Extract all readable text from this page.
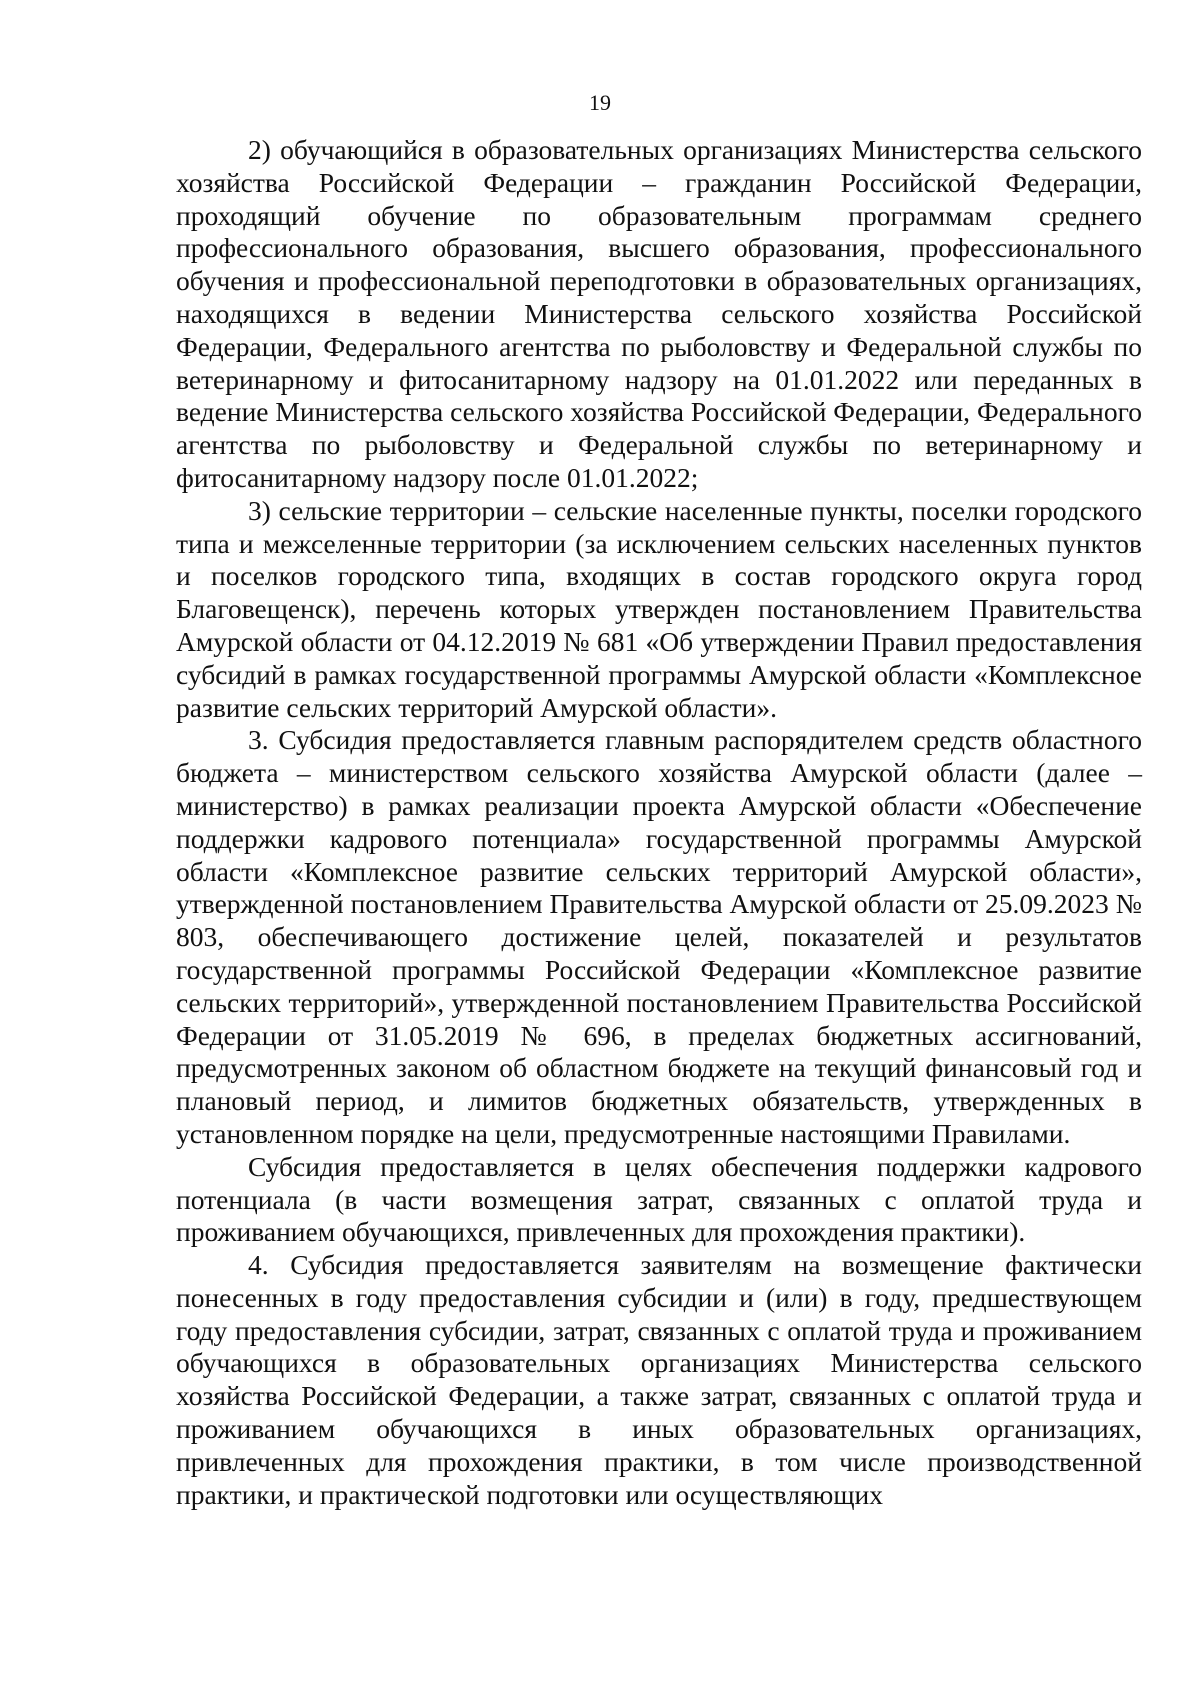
19

2) обучающийся в образовательных организациях Министерства сельского хозяйства Российской Федерации – гражданин Российской Федерации, проходящий обучение по образовательным программам среднего профессионального образования, высшего образования, профессионального обучения и профессиональной переподготовки в образовательных организациях, находящихся в ведении Министерства сельского хозяйства Российской Федерации, Федерального агентства по рыболовству и Федеральной службы по ветеринарному и фитосанитарному надзору на 01.01.2022 или переданных в ведение Министерства сельского хозяйства Российской Федерации, Федерального агентства по рыболовству и Федеральной службы по ветеринарному и фитосанитарному надзору после 01.01.2022;

3) сельские территории – сельские населенные пункты, поселки городского типа и межселенные территории (за исключением сельских населенных пунктов и поселков городского типа, входящих в состав городского округа город Благовещенск), перечень которых утвержден постановлением Правительства Амурской области от 04.12.2019 № 681 «Об утверждении Правил предоставления субсидий в рамках государственной программы Амурской области «Комплексное развитие сельских территорий Амурской области».

3. Субсидия предоставляется главным распорядителем средств областного бюджета – министерством сельского хозяйства Амурской области (далее – министерство) в рамках реализации проекта Амурской области «Обеспечение поддержки кадрового потенциала» государственной программы Амурской области «Комплексное развитие сельских территорий Амурской области», утвержденной постановлением Правительства Амурской области от 25.09.2023 № 803, обеспечивающего достижение целей, показателей и результатов государственной программы Российской Федерации «Комплексное развитие сельских территорий», утвержденной постановлением Правительства Российской Федерации от 31.05.2019 № 696, в пределах бюджетных ассигнований, предусмотренных законом об областном бюджете на текущий финансовый год и плановый период, и лимитов бюджетных обязательств, утвержденных в установленном порядке на цели, предусмотренные настоящими Правилами.

Субсидия предоставляется в целях обеспечения поддержки кадрового потенциала (в части возмещения затрат, связанных с оплатой труда и проживанием обучающихся, привлеченных для прохождения практики).

4. Субсидия предоставляется заявителям на возмещение фактически понесенных в году предоставления субсидии и (или) в году, предшествующем году предоставления субсидии, затрат, связанных с оплатой труда и проживанием обучающихся в образовательных организациях Министерства сельского хозяйства Российской Федерации, а также затрат, связанных с оплатой труда и проживанием обучающихся в иных образовательных организациях, привлеченных для прохождения практики, в том числе производственной практики, и практической подготовки или осуществляющих
